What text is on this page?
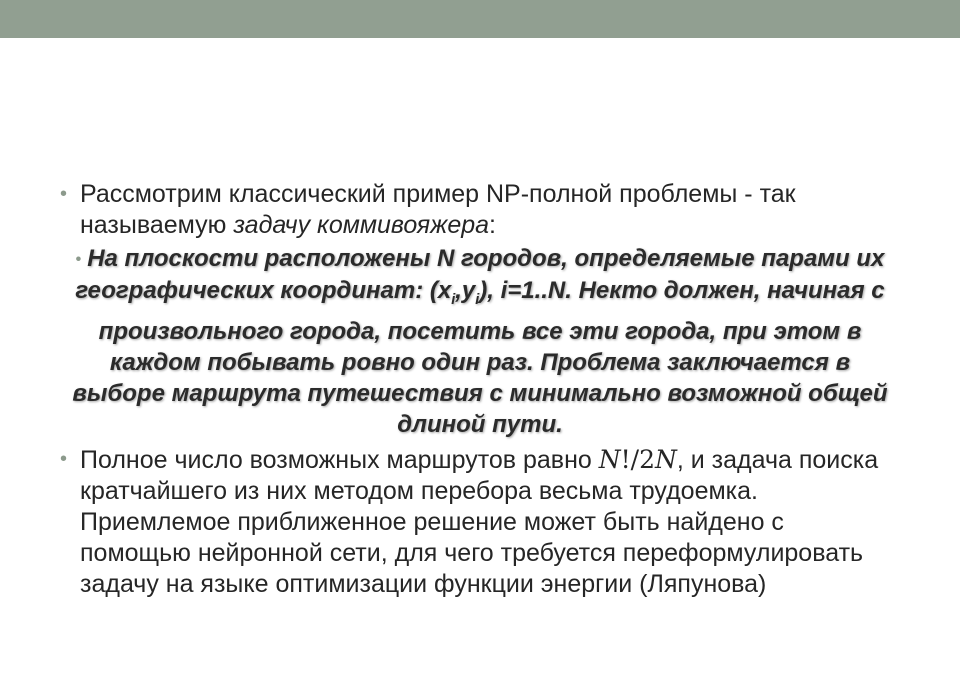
• Рассмотрим классический пример NP-полной проблемы - так называемую задачу коммивояжера:
• На плоскости расположены N городов, определяемые парами их географических координат: $(x_i,y_i)$, i=1..N. Некто должен, начиная с произвольного города, посетить все эти города, при этом в каждом побывать ровно один раз. Проблема заключается в выборе маршрута путешествия с минимально возможной общей длиной пути.
• Полное число возможных маршрутов равно N!/2N, и задача поиска кратчайшего из них методом перебора весьма трудоемка. Приемлемое приближенное решение может быть найдено с помощью нейронной сети, для чего требуется переформулировать задачу на языке оптимизации функции энергии (Ляпунова)
